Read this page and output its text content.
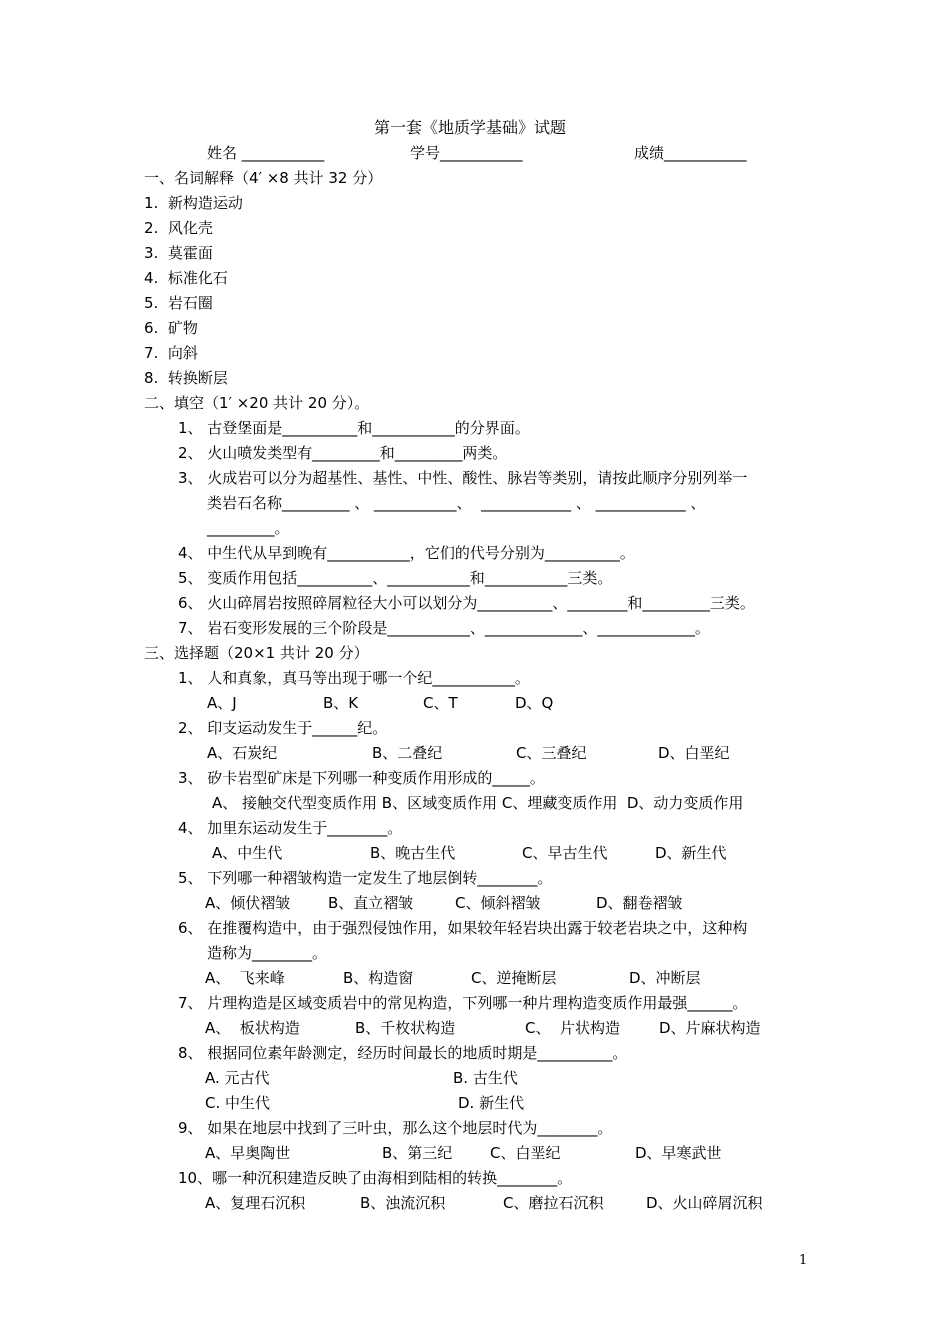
第一套《地质学基础》试题
姓名 ___________	学号___________	成绩___________
一、名词解释（4′ ×8 共计 32 分）
1.  新构造运动
2.  风化壳
3.  莫霍面
4.  标准化石
5.  岩石圈
6.  矿物
7.  向斜
8.  转换断层
二、填空（1′ ×20 共计 20 分）。
1、 古登堡面是__________和___________的分界面。
2、 火山喷发类型有_________和_________两类。
3、 火成岩可以分为超基性、基性、中性、酸性、脉岩等类别，请按此顺序分别列举一
类岩石名称_________ 、 ___________、  ____________ 、 ____________ 、
_________。
4、 中生代从早到晚有___________，它们的代号分别为__________。
5、 变质作用包括__________、___________和___________三类。
6、 火山碎屑岩按照碎屑粒径大小可以划分为__________、________和_________三类。
7、 岩石变形发展的三个阶段是___________、_____________、_____________。
三、选择题（20×1 共计 20 分）
1、 人和真象，真马等出现于哪一个纪___________。
A、J	B、K	C、T	D、Q
2、 印支运动发生于______纪。
A、石炭纪	B、二叠纪	C、三叠纪	D、白垩纪
3、 矽卡岩型矿床是下列哪一种变质作用形成的_____。
A、 接触交代型变质作用 B、区域变质作用 C、埋藏变质作用  D、动力变质作用
4、 加里东运动发生于________。
A、中生代	B、晚古生代	C、早古生代	D、新生代
5、 下列哪一种褶皱构造一定发生了地层倒转________。
A、倾伏褶皱	B、直立褶皱	C、倾斜褶皱	D、翻卷褶皱
6、 在推覆构造中，由于强烈侵蚀作用，如果较年轻岩块出露于较老岩块之中，这种构
造称为________。
A、  飞来峰	B、构造窗	C、逆掩断层	D、冲断层
7、 片理构造是区域变质岩中的常见构造，下列哪一种片理构造变质作用最强______。
A、  板状构造	B、千枚状构造	C、  片状构造	D、片麻状构造
8、 根据同位素年龄测定，经历时间最长的地质时期是__________。
A. 元古代	B. 古生代
C. 中生代	D. 新生代
9、 如果在地层中找到了三叶虫，那么这个地层时代为________。
A、早奥陶世	B、第三纪	C、白垩纪	D、早寒武世
10、哪一种沉积建造反映了由海相到陆相的转换________。
A、复理石沉积	B、浊流沉积	C、磨拉石沉积	D、火山碎屑沉积
1
